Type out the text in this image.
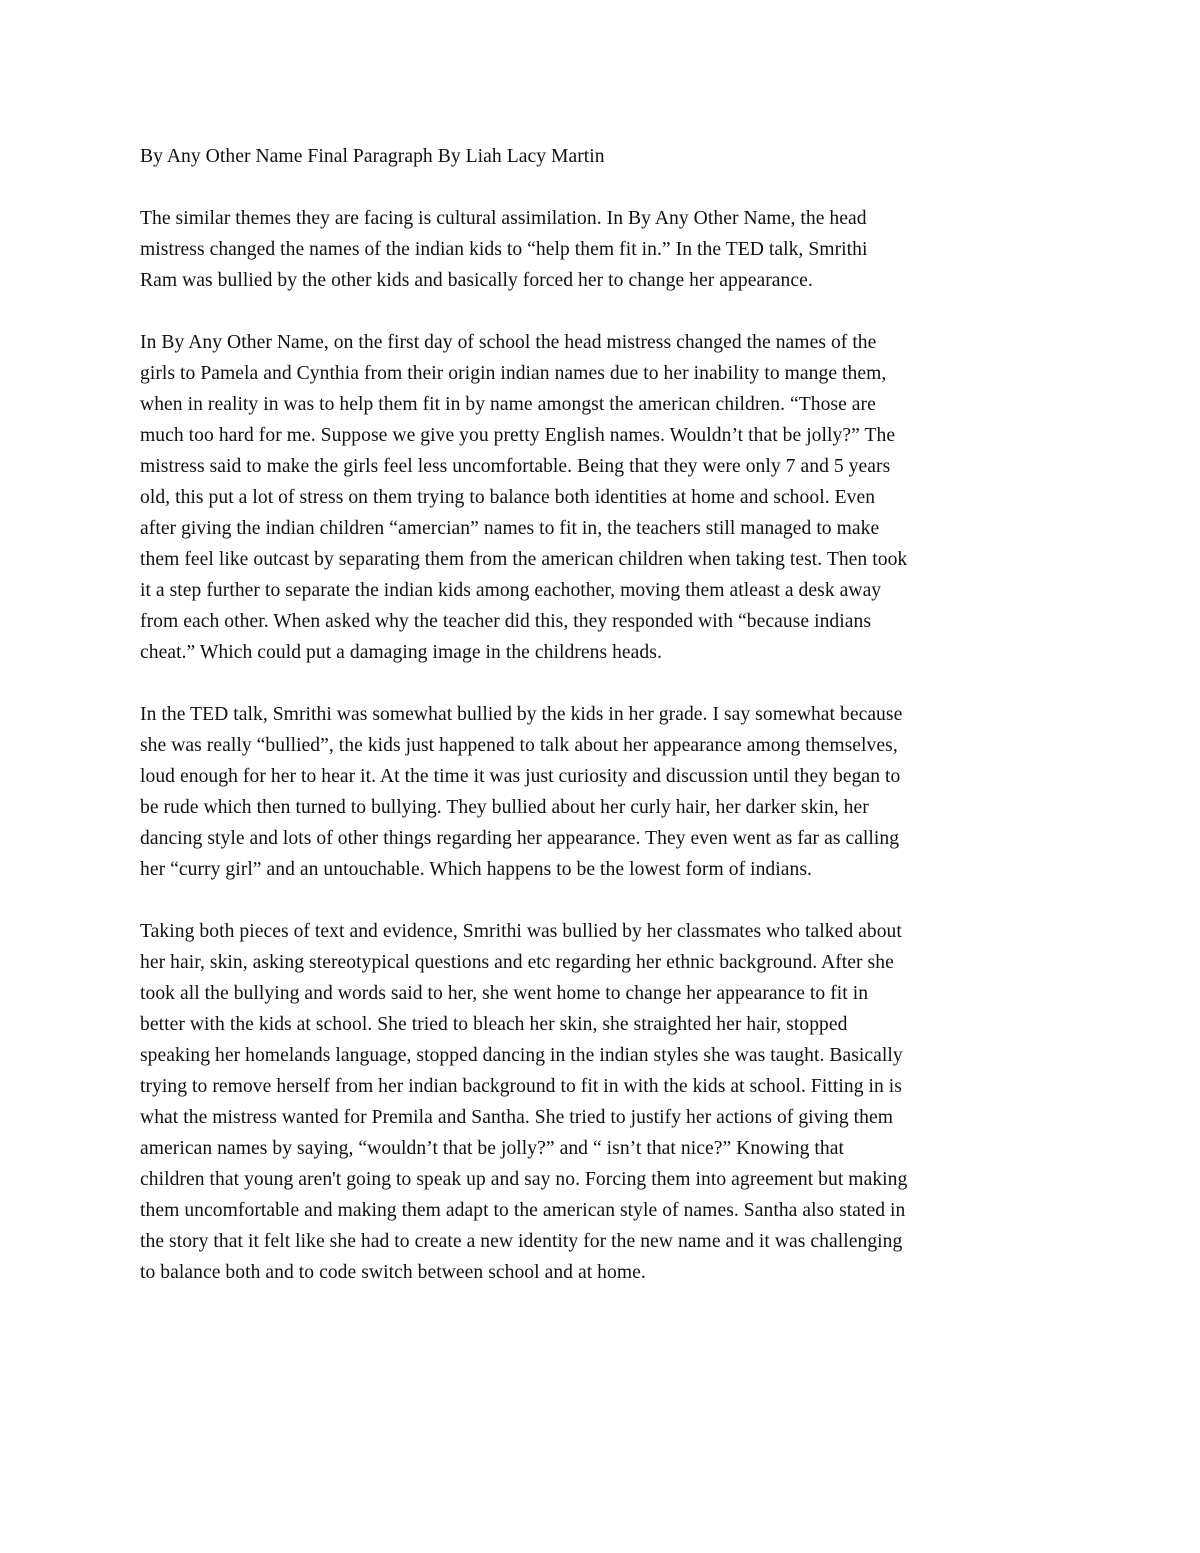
By Any Other Name Final Paragraph By Liah Lacy Martin
The similar themes they are facing is cultural assimilation. In By Any Other Name, the head
mistress changed the names of the indian kids to “help them fit in.” In the TED talk, Smrithi
Ram was bullied by the other kids and basically forced her to change her appearance.
In By Any Other Name, on the first day of school the head mistress changed the names of the
girls to Pamela and Cynthia from their origin indian names due to her inability to mange them,
when in reality in was to help them fit in by name amongst the american children. “Those are
much too hard for me. Suppose we give you pretty English names. Wouldn’t that be jolly?” The
mistress said to make the girls feel less uncomfortable. Being that they were only 7 and 5 years
old, this put a lot of stress on them trying to balance both identities at home and school. Even
after giving the indian children “amercian” names to fit in, the teachers still managed to make
them feel like outcast by separating them from the american children when taking test. Then took
it a step further to separate the indian kids among eachother, moving them atleast a desk away
from each other. When asked why the teacher did this, they responded with “because indians
cheat.” Which could put a damaging image in the childrens heads.
In the TED talk, Smrithi was somewhat bullied by the kids in her grade. I say somewhat because
she was really “bullied”, the kids just happened to talk about her appearance among themselves,
loud enough for her to hear it. At the time it was just curiosity and discussion until they began to
be rude which then turned to bullying. They bullied about her curly hair, her darker skin, her
dancing style and lots of other things regarding her appearance. They even went as far as calling
her “curry girl” and an untouchable. Which happens to be the lowest form of indians.
Taking both pieces of text and evidence, Smrithi was bullied by her classmates who talked about
her hair, skin, asking stereotypical questions and etc regarding her ethnic background. After she
took all the bullying and words said to her, she went home to change her appearance to fit in
better with the kids at school. She tried to bleach her skin, she straighted her hair, stopped
speaking her homelands language, stopped dancing in the indian styles she was taught. Basically
trying to remove herself from her indian background to fit in with the kids at school. Fitting in is
what the mistress wanted for Premila and Santha. She tried to justify her actions of giving them
american names by saying, “wouldn’t that be jolly?” and “ isn’t that nice?” Knowing that
children that young aren't going to speak up and say no. Forcing them into agreement but making
them uncomfortable and making them adapt to the american style of names. Santha also stated in
the story that it felt like she had to create a new identity for the new name and it was challenging
to balance both and to code switch between school and at home.
